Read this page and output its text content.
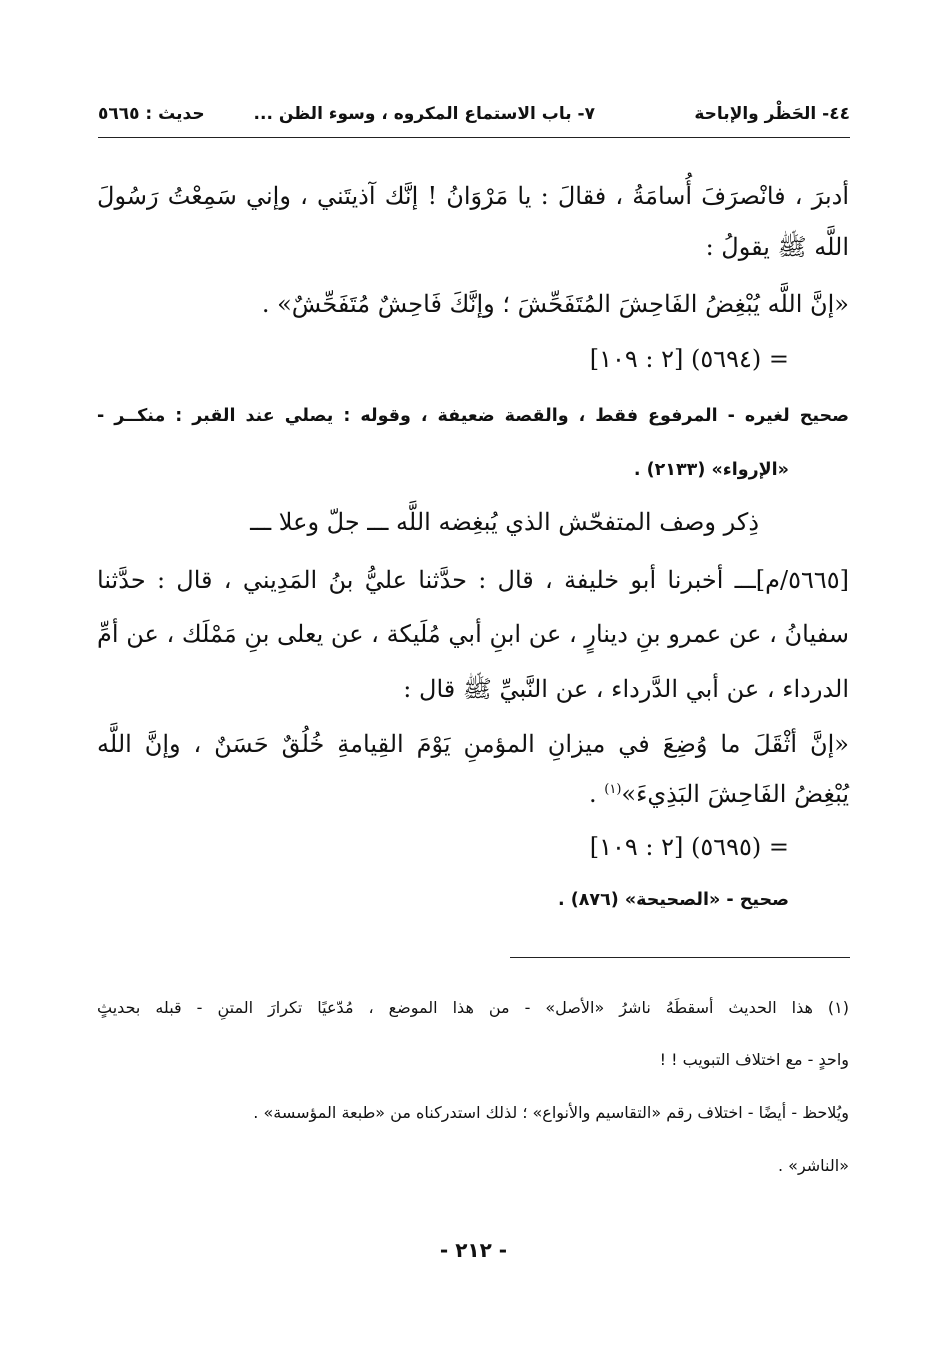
٤٤- الحَظْر والإباحة
٧- باب الاستماع المكروه ، وسوء الظن ...
حديث : ٥٦٦٥
أدبرَ ، فانْصرَفَ أُسامَةُ ، فقالَ : يا مَرْوَانُ ! إنَّك آذيتَني ، وإني سَمِعْتُ رَسُولَ
اللَّه ﷺ يقولُ :
«إنَّ اللَّه يُبْغِضُ الفَاحِشَ المُتَفَحِّشَ ؛ وإنَّكَ فَاحِشٌ مُتَفَحِّشٌ» .
= (٥٦٩٤) [٢ : ١٠٩]
صحيح لغيره - المرفوع فقط ، والقصة ضعيفة ، وقوله : يصلي عند القبر : منكــر -
«الإرواء» (٢١٣٣) .
ذِكر وصف المتفحّش الذي يُبغِضه اللَّه ـــ جلّ وعلا ـــ
[٥٦٦٥/م]ـــ أخبرنا أبو خليفة ، قال : حدَّثنا عليُّ بنُ المَدِيني ، قال : حدَّثنا
سفيانُ ، عن عمرو بنِ دينارٍ ، عن ابنِ أبي مُلَيكة ، عن يعلى بنِ مَمْلَك ، عن أمِّ
الدرداء ، عن أبي الدَّرداء ، عن النَّبيِّ ﷺ قال :
«إنَّ أثْقَلَ ما وُضِعَ في ميزانِ المؤمنِ يَوْمَ القِيامةِ خُلُقٌ حَسَنٌ ، وإنَّ اللَّه
يُبْغِضُ الفَاحِشَ البَذِيءَ»$^{(١)}$ .
= (٥٦٩٥) [٢ : ١٠٩]
صحيح - «الصحيحة» (٨٧٦) .
(١) هذا الحديث أسقطَهُ ناشرُ «الأصل» - من هذا الموضع ، مُدّعيًا تكرارَ المتنِ - قبله بحديثٍ
واحدٍ - مع اختلاف التبويب ! !
ويُلاحظ - أيضًا - اختلاف رقم «التقاسيم والأنواع» ؛ لذلك استدركناه من «طبعة المؤسسة» .
«الناشر» .
- ٢١٢ -
